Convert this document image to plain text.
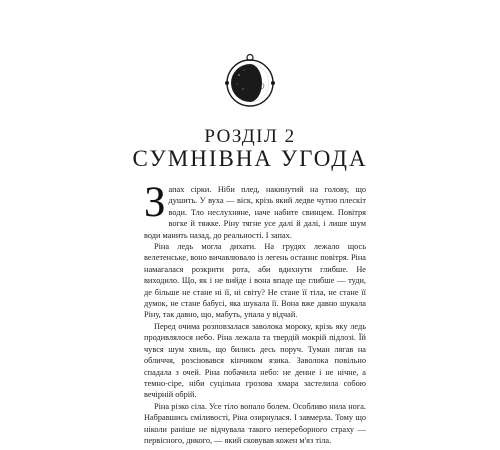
РОЗДІЛ 2
СУМНІВНА УГОДА

Запах сірки. Ніби плед, накинутий на голову, що душить. У вуха — віск, крізь який ледве чутно плескіт води. Тло неслухняне, наче набите свинцем. Повітря вогке й тяжке. Ріну тягне усе далі й далі, і лише шум води манить назад, до реальності. І запах.

Ріна ледь могла дихати. На грудях лежало щось велетенське, воно вичавлювало із легень останнє повітря. Ріна намагалася розкрити рота, аби вдихнути глибше. Не виходило. Що, як і не вийде і вона впаде ще глибше — туди, де більше не стане ні її, ні світу? Не стане її тіла, не стане її думок, не стане бабусі, яка шукала її. Вона вже давно шукала Ріну, так давно, що, мабуть, упала у відчай.

Перед очима розповзалася заволока мороку, крізь яку ледь продивлялося небо. Ріна лежала та твердій мокрій підлозі. Їй чувся шум хвиль, що бились десь поруч. Туман лягав на обличчя, розсіювався кінчиком язика. Заволока повільно спадала з очей. Ріна побачила небо: не денне і не нічне, а темно-сіре, ніби суцільна грозова хмара застелила собою вечірній обрій.

Ріна різко сіла. Усе тіло вопало болем. Особливо нила нога. Набравшись сміливості, Ріна озирнулася. І завмерла. Тому що ніколи раніше не відчувала такого непереборного страху — первісного, дикого, — який сковував кожен м'яз тіла.
